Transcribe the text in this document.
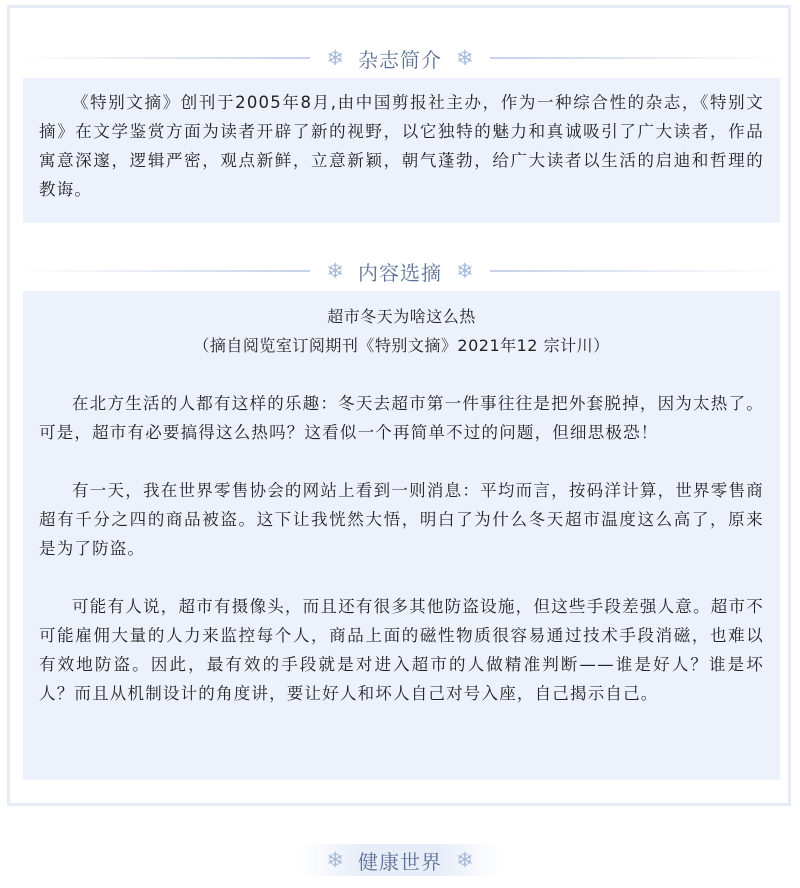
❄ 杂志简介 ❄

《特别文摘》创刊于2005年8月,由中国剪报社主办，作为一种综合性的杂志，《特别文摘》在文学鉴赏方面为读者开辟了新的视野，以它独特的魅力和真诚吸引了广大读者，作品寓意深邃，逻辑严密，观点新鲜，立意新颖，朝气蓬勃，给广大读者以生活的启迪和哲理的教诲。

❄ 内容选摘 ❄

超市冬天为啥这么热

（摘自阅览室订阅期刊《特别文摘》2021年12 宗计川）

在北方生活的人都有这样的乐趣：冬天去超市第一件事往往是把外套脱掉，因为太热了。可是，超市有必要搞得这么热吗？这看似一个再简单不过的问题，但细思极恐！

有一天，我在世界零售协会的网站上看到一则消息：平均而言，按码洋计算，世界零售商超有千分之四的商品被盗。这下让我恍然大悟，明白了为什么冬天超市温度这么高了，原来是为了防盗。

可能有人说，超市有摄像头，而且还有很多其他防盗设施，但这些手段差强人意。超市不可能雇佣大量的人力来监控每个人，商品上面的磁性物质很容易通过技术手段消磁，也难以有效地防盗。因此，最有效的手段就是对进入超市的人做精准判断——谁是好人？谁是坏人？而且从机制设计的角度讲，要让好人和坏人自己对号入座，自己揭示自己。

❄ 健康世界 ❄
